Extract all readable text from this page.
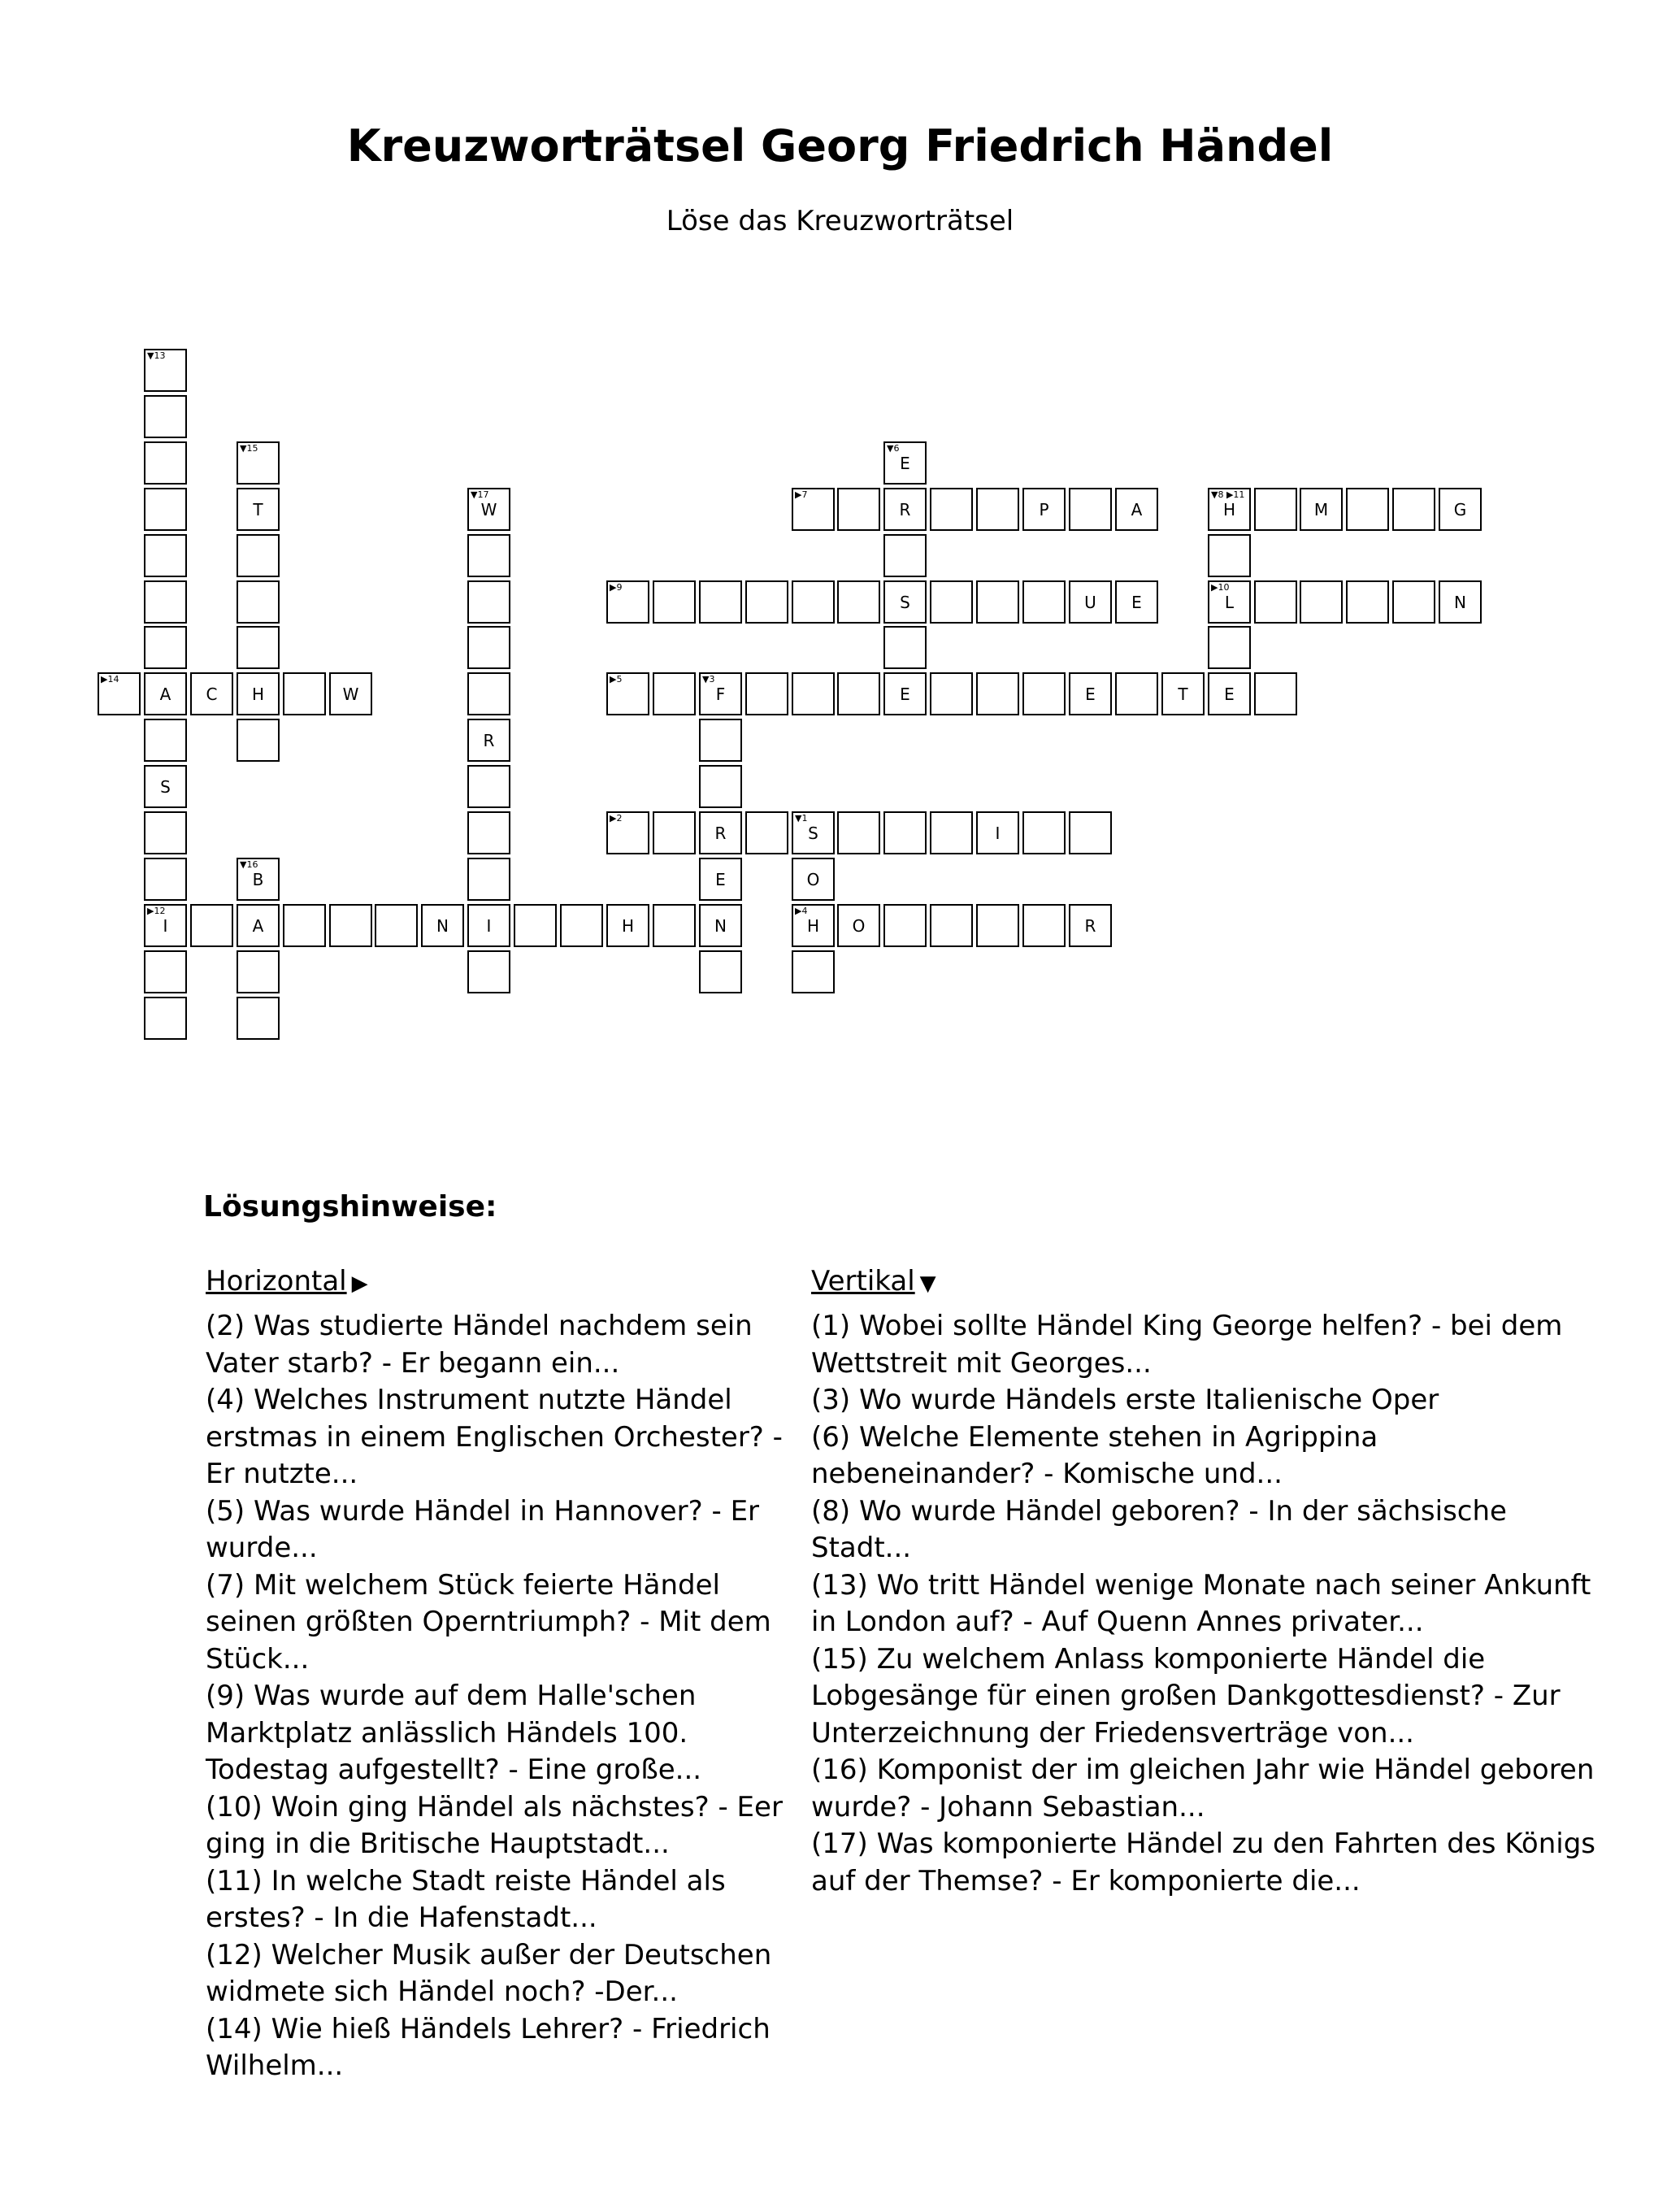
Kreuzworträtsel Georg Friedrich Händel

Löse das Kreuzworträtsel

▼13
A
S
▶12
I
▼15
T
H
▼16
B
A
▼17
W
R
I
▶14
C	W
N	H	N
▼3
F
R
E
▶5
E	E	T	E
▶9
S	U	E
▶2	▼1
S	I
O
▶4
H	O	R
▼6
E
▶7
R	P	A
▼8 ▶11
H	M	G
▶10
L	N
Lösungshinweise:
Horizontal ▶

(2) Was studierte Händel nachdem sein Vater starb? - Er begann ein...

(4) Welches Instrument nutzte Händel erstmas in einem Englischen Orchester? - Er nutzte...

(5) Was wurde Händel in Hannover? - Er wurde...

(7) Mit welchem Stück feierte Händel seinen größten Operntriumph? - Mit dem Stück...

(9) Was wurde auf dem Halle'schen Marktplatz anlässlich Händels 100. Todestag aufgestellt? - Eine große...

(10) Woin ging Händel als nächstes? - Eer ging in die Britische Hauptstadt...

(11) In welche Stadt reiste Händel als erstes? - In die Hafenstadt...

(12) Welcher Musik außer der Deutschen widmete sich Händel noch? -Der...

(14) Wie hieß Händels Lehrer? - Friedrich Wilhelm...

Vertikal ▼

(1) Wobei sollte Händel King George helfen? - bei dem Wettstreit mit Georges...

(3) Wo wurde Händels erste Italienische Oper

(6) Welche Elemente stehen in Agrippina nebeneinander? - Komische und...

(8) Wo wurde Händel geboren? - In der sächsische Stadt...

(13) Wo tritt Händel wenige Monate nach seiner Ankunft in London auf? - Auf Quenn Annes privater...

(15) Zu welchem Anlass komponierte Händel die Lobgesänge für einen großen Dankgottesdienst? - Zur Unterzeichnung der Friedensverträge von...

(16) Komponist der im gleichen Jahr wie Händel geboren wurde? - Johann Sebastian...

(17) Was komponierte Händel zu den Fahrten des Königs auf der Themse? - Er komponierte die...
